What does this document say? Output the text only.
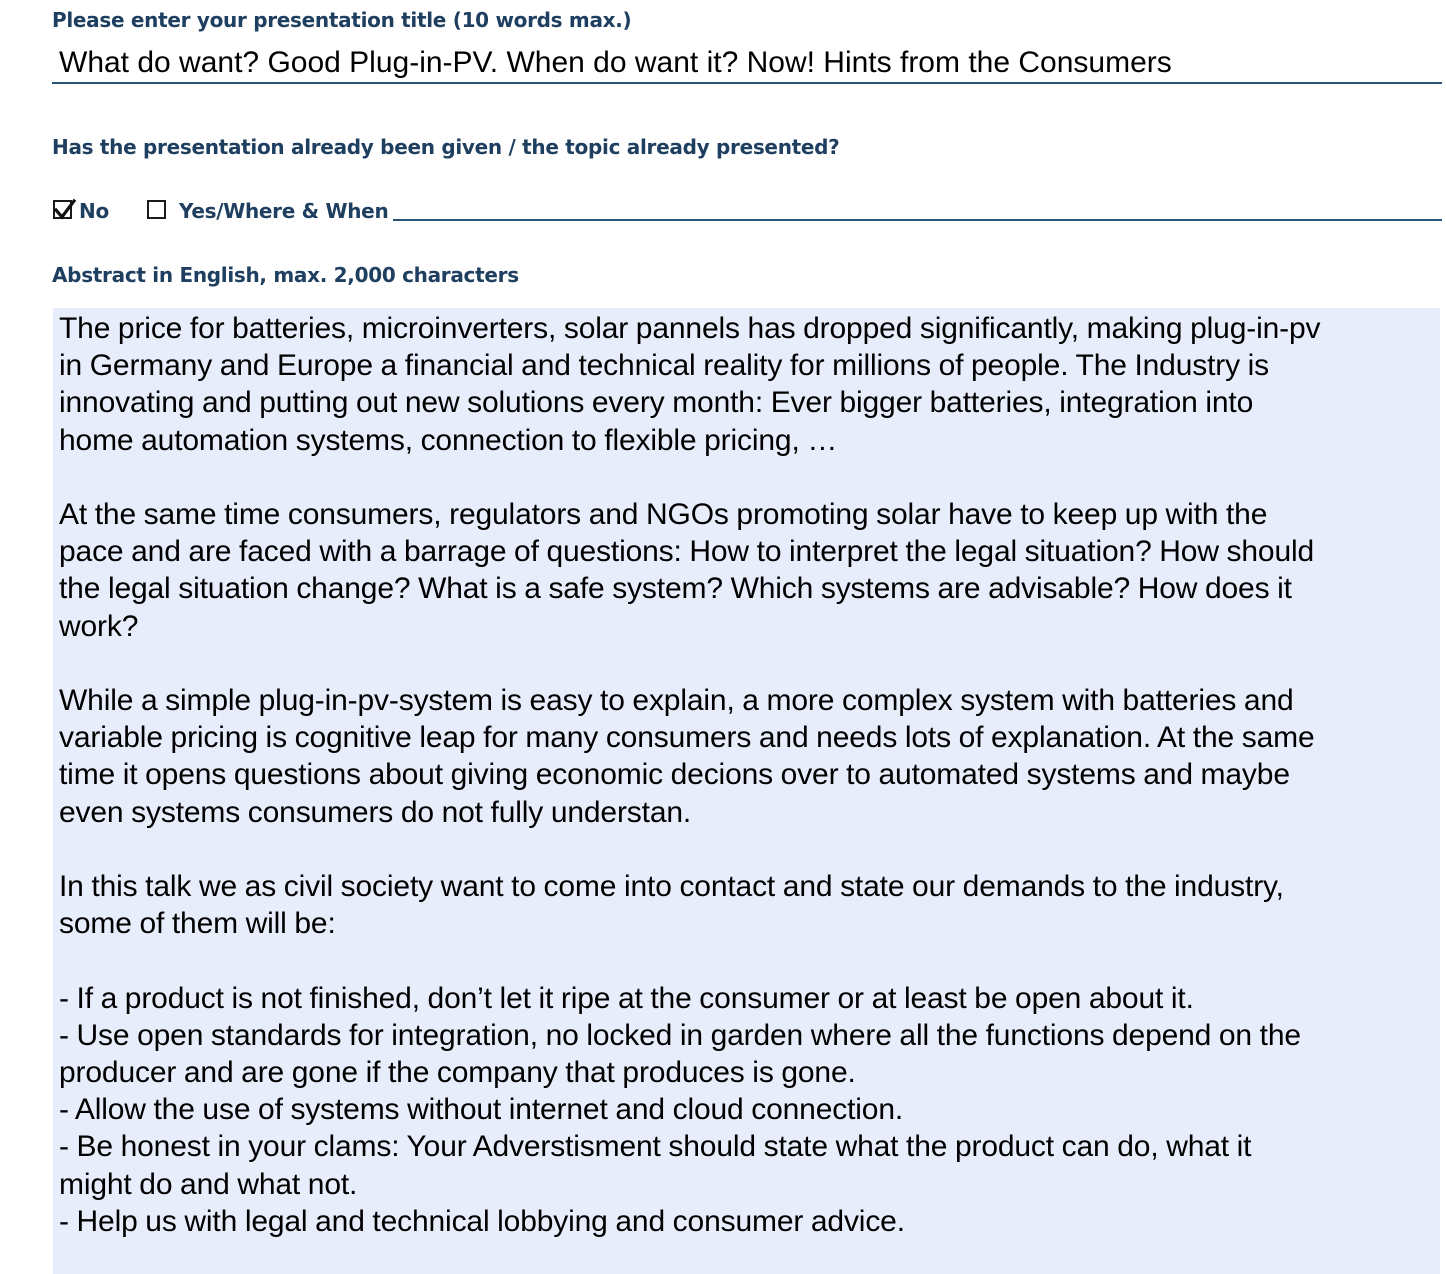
Please enter your presentation title (10 words max.)
What do want? Good Plug-in-PV. When do want it? Now! Hints from the Consumers
Has the presentation already been given / the topic already presented?
No	Yes/Where & When
Abstract in English, max. 2,000 characters
The price for batteries, microinverters, solar pannels has dropped significantly, making plug-in-pv
in Germany and Europe a financial and technical reality for millions of people. The Industry is
innovating and putting out new solutions every month: Ever bigger batteries, integration into
home automation systems, connection to flexible pricing, …
At the same time consumers, regulators and NGOs promoting solar have to keep up with the
pace and are faced with a barrage of questions: How to interpret the legal situation? How should
the legal situation change? What is a safe system? Which systems are advisable? How does it
work?
While a simple plug-in-pv-system is easy to explain, a more complex system with batteries and
variable pricing is cognitive leap for many consumers and needs lots of explanation. At the same
time it opens questions about giving economic decions over to automated systems and maybe
even systems consumers do not fully understan.
In this talk we as civil society want to come into contact and state our demands to the industry,
some of them will be:
- If a product is not finished, don’t let it ripe at the consumer or at least be open about it.
- Use open standards for integration, no locked in garden where all the functions depend on the
producer and are gone if the company that produces is gone.
- Allow the use of systems without internet and cloud connection.
- Be honest in your clams: Your Adverstisment should state what the product can do, what it
might do and what not.
- Help us with legal and technical lobbying and consumer advice.
